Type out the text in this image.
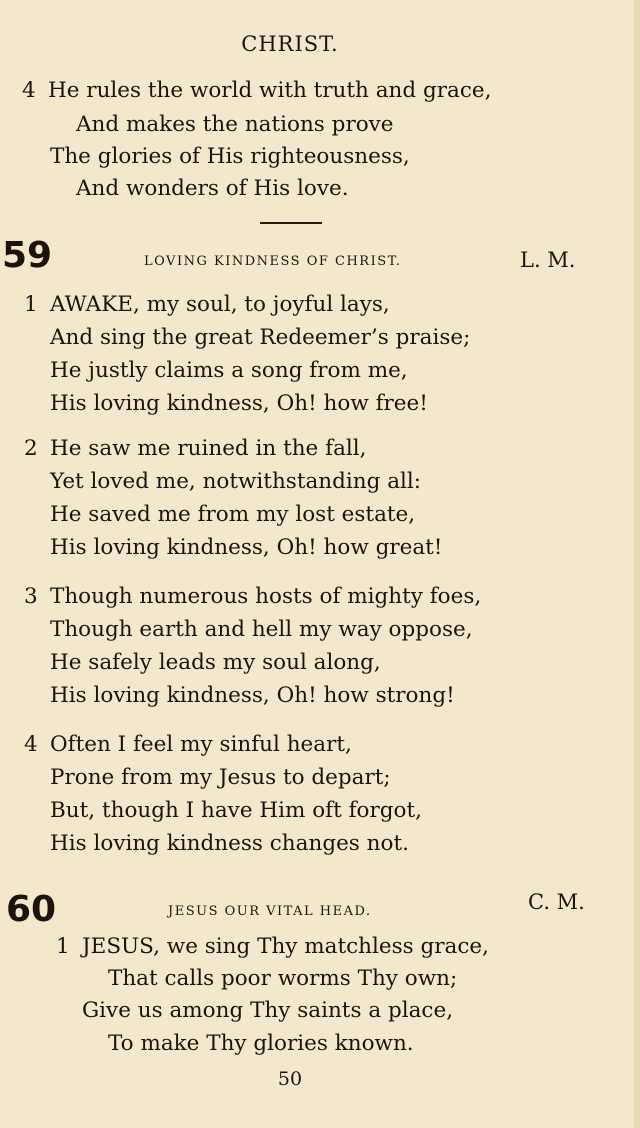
CHRIST.
4 He rules the world with truth and grace,
And makes the nations prove
The glories of His righteousness,
And wonders of His love.
59	LOVING KINDNESS OF CHRIST.	L. M.
1 AWAKE, my soul, to joyful lays,
And sing the great Redeemer’s praise;
He justly claims a song from me,
His loving kindness, Oh! how free!
2 He saw me ruined in the fall,
Yet loved me, notwithstanding all:
He saved me from my lost estate,
His loving kindness, Oh! how great!
3 Though numerous hosts of mighty foes,
Though earth and hell my way oppose,
He safely leads my soul along,
His loving kindness, Oh! how strong!
4 Often I feel my sinful heart,
Prone from my Jesus to depart;
But, though I have Him oft forgot,
His loving kindness changes not.
60	JESUS OUR VITAL HEAD.	C. M.
1 JESUS, we sing Thy matchless grace,
That calls poor worms Thy own;
Give us among Thy saints a place,
To make Thy glories known.
50
